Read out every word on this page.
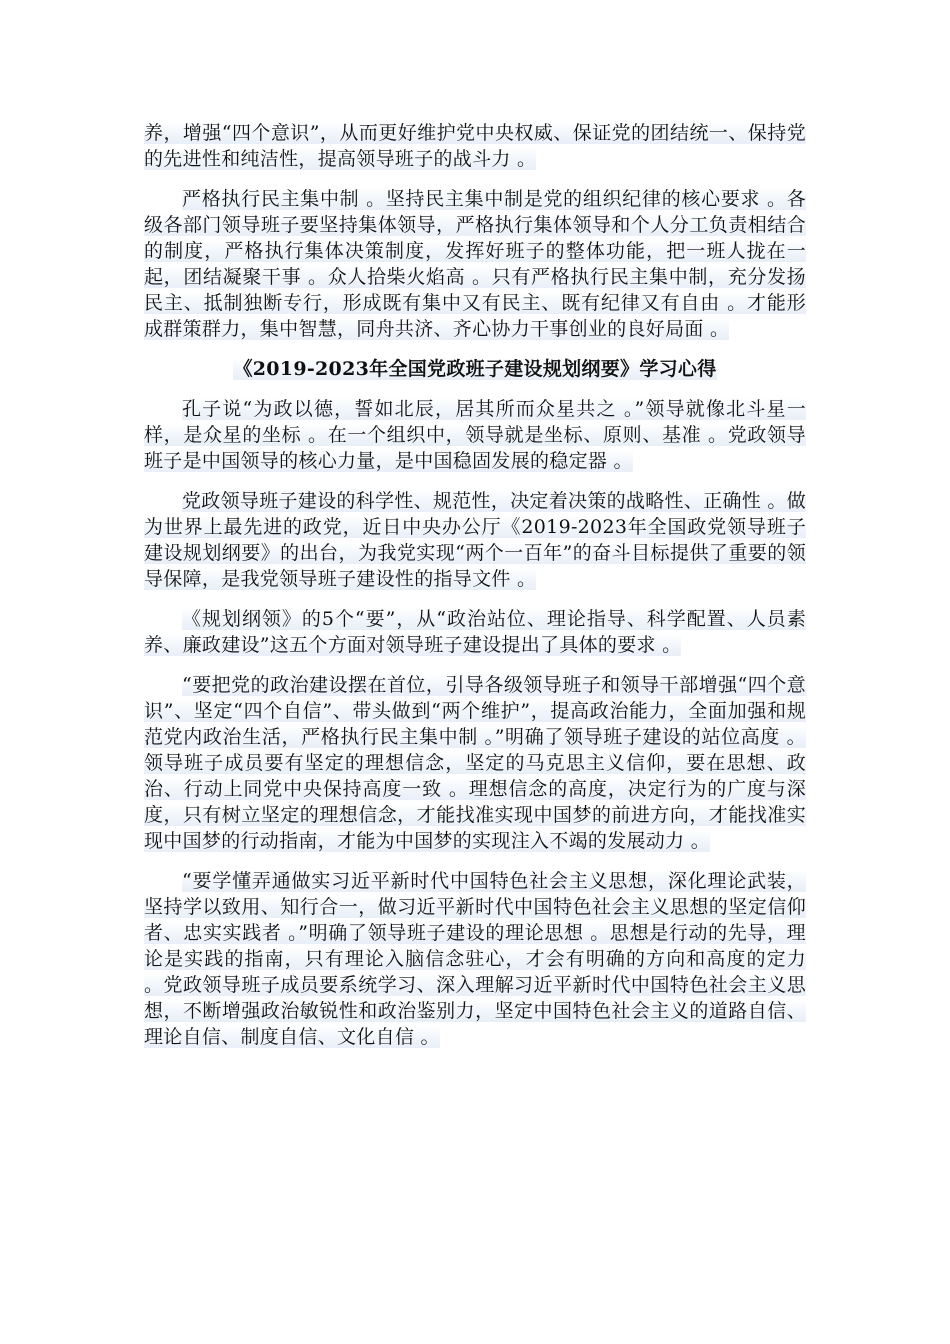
养，增强“四个意识”，从而更好维护党中央权威、保证党的团结统一、保持党的先进性和纯洁性，提高领导班子的战斗力 。

严格执行民主集中制 。坚持民主集中制是党的组织纪律的核心要求 。各级各部门领导班子要坚持集体领导，严格执行集体领导和个人分工负责相结合的制度，严格执行集体决策制度，发挥好班子的整体功能，把一班人拢在一起，团结凝聚干事 。众人拾柴火焰高 。只有严格执行民主集中制，充分发扬民主、抵制独断专行，形成既有集中又有民主、既有纪律又有自由 。才能形成群策群力，集中智慧，同舟共济、齐心协力干事创业的良好局面 。

《2019-2023年全国党政班子建设规划纲要》学习心得

孔子说“为政以德，誓如北辰，居其所而众星共之 。”领导就像北斗星一样，是众星的坐标 。在一个组织中，领导就是坐标、原则、基准 。党政领导班子是中国领导的核心力量，是中国稳固发展的稳定器 。

党政领导班子建设的科学性、规范性，决定着决策的战略性、正确性 。做为世界上最先进的政党，近日中央办公厅《2019-2023年全国政党领导班子建设规划纲要》的出台，为我党实现“两个一百年”的奋斗目标提供了重要的领导保障，是我党领导班子建设性的指导文件 。

《规划纲领》的5个“要”，从“政治站位、理论指导、科学配置、人员素养、廉政建设”这五个方面对领导班子建设提出了具体的要求 。

“要把党的政治建设摆在首位，引导各级领导班子和领导干部增强“四个意识”、坚定“四个自信”、带头做到“两个维护”，提高政治能力，全面加强和规范党内政治生活，严格执行民主集中制 。”明确了领导班子建设的站位高度 。领导班子成员要有坚定的理想信念，坚定的马克思主义信仰，要在思想、政治、行动上同党中央保持高度一致 。理想信念的高度，决定行为的广度与深度，只有树立坚定的理想信念，才能找准实现中国梦的前进方向，才能找准实现中国梦的行动指南，才能为中国梦的实现注入不竭的发展动力 。

“要学懂弄通做实习近平新时代中国特色社会主义思想，深化理论武装，坚持学以致用、知行合一，做习近平新时代中国特色社会主义思想的坚定信仰者、忠实实践者 。”明确了领导班子建设的理论思想 。思想是行动的先导，理论是实践的指南，只有理论入脑信念驻心，才会有明确的方向和高度的定力 。党政领导班子成员要系统学习、深入理解习近平新时代中国特色社会主义思想，不断增强政治敏锐性和政治鉴别力，坚定中国特色社会主义的道路自信、理论自信、制度自信、文化自信 。
